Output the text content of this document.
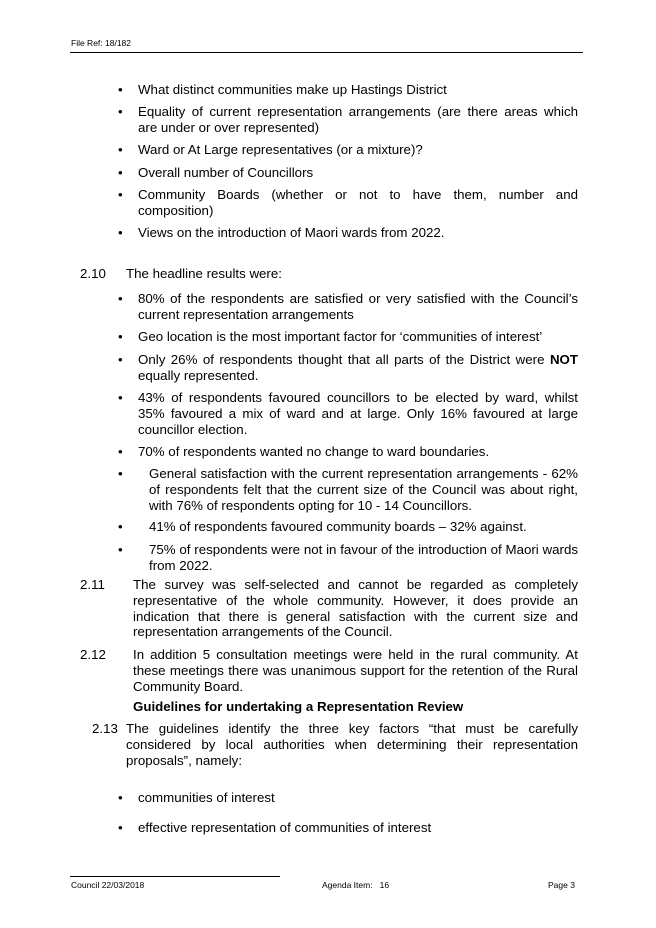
File Ref: 18/182
•	What distinct communities make up Hastings District
•	Equality of current representation arrangements (are there areas which are under or over represented)
•	Ward or At Large representatives (or a mixture)?
•	Overall number of Councillors
•	Community Boards (whether or not to have them, number and composition)
•	Views on the introduction of Maori wards from 2022.
2.10 The headline results were:
•	80% of the respondents are satisfied or very satisfied with the Council’s current representation arrangements
•	Geo location is the most important factor for ‘communities of interest’
•	Only 26% of respondents thought that all parts of the District were NOT equally represented.
•	43% of respondents favoured councillors to be elected by ward, whilst 35% favoured a mix of ward and at large. Only 16% favoured at large councillor election.
•	70% of respondents wanted no change to ward boundaries.
•	General satisfaction with the current representation arrangements - 62% of respondents felt that the current size of the Council was about right, with 76% of respondents opting for 10 - 14 Councillors.
•	41% of respondents favoured community boards – 32% against.
•	75% of respondents were not in favour of the introduction of Maori wards from 2022.
2.11 The survey was self-selected and cannot be regarded as completely representative of the whole community. However, it does provide an indication that there is general satisfaction with the current size and representation arrangements of the Council.
2.12 In addition 5 consultation meetings were held in the rural community. At these meetings there was unanimous support for the retention of the Rural Community Board.
Guidelines for undertaking a Representation Review
2.13 The guidelines identify the three key factors “that must be carefully considered by local authorities when determining their representation proposals”, namely:
•	communities of interest
•	effective representation of communities of interest
Council 22/03/2018	Agenda Item:   16	Page 3
